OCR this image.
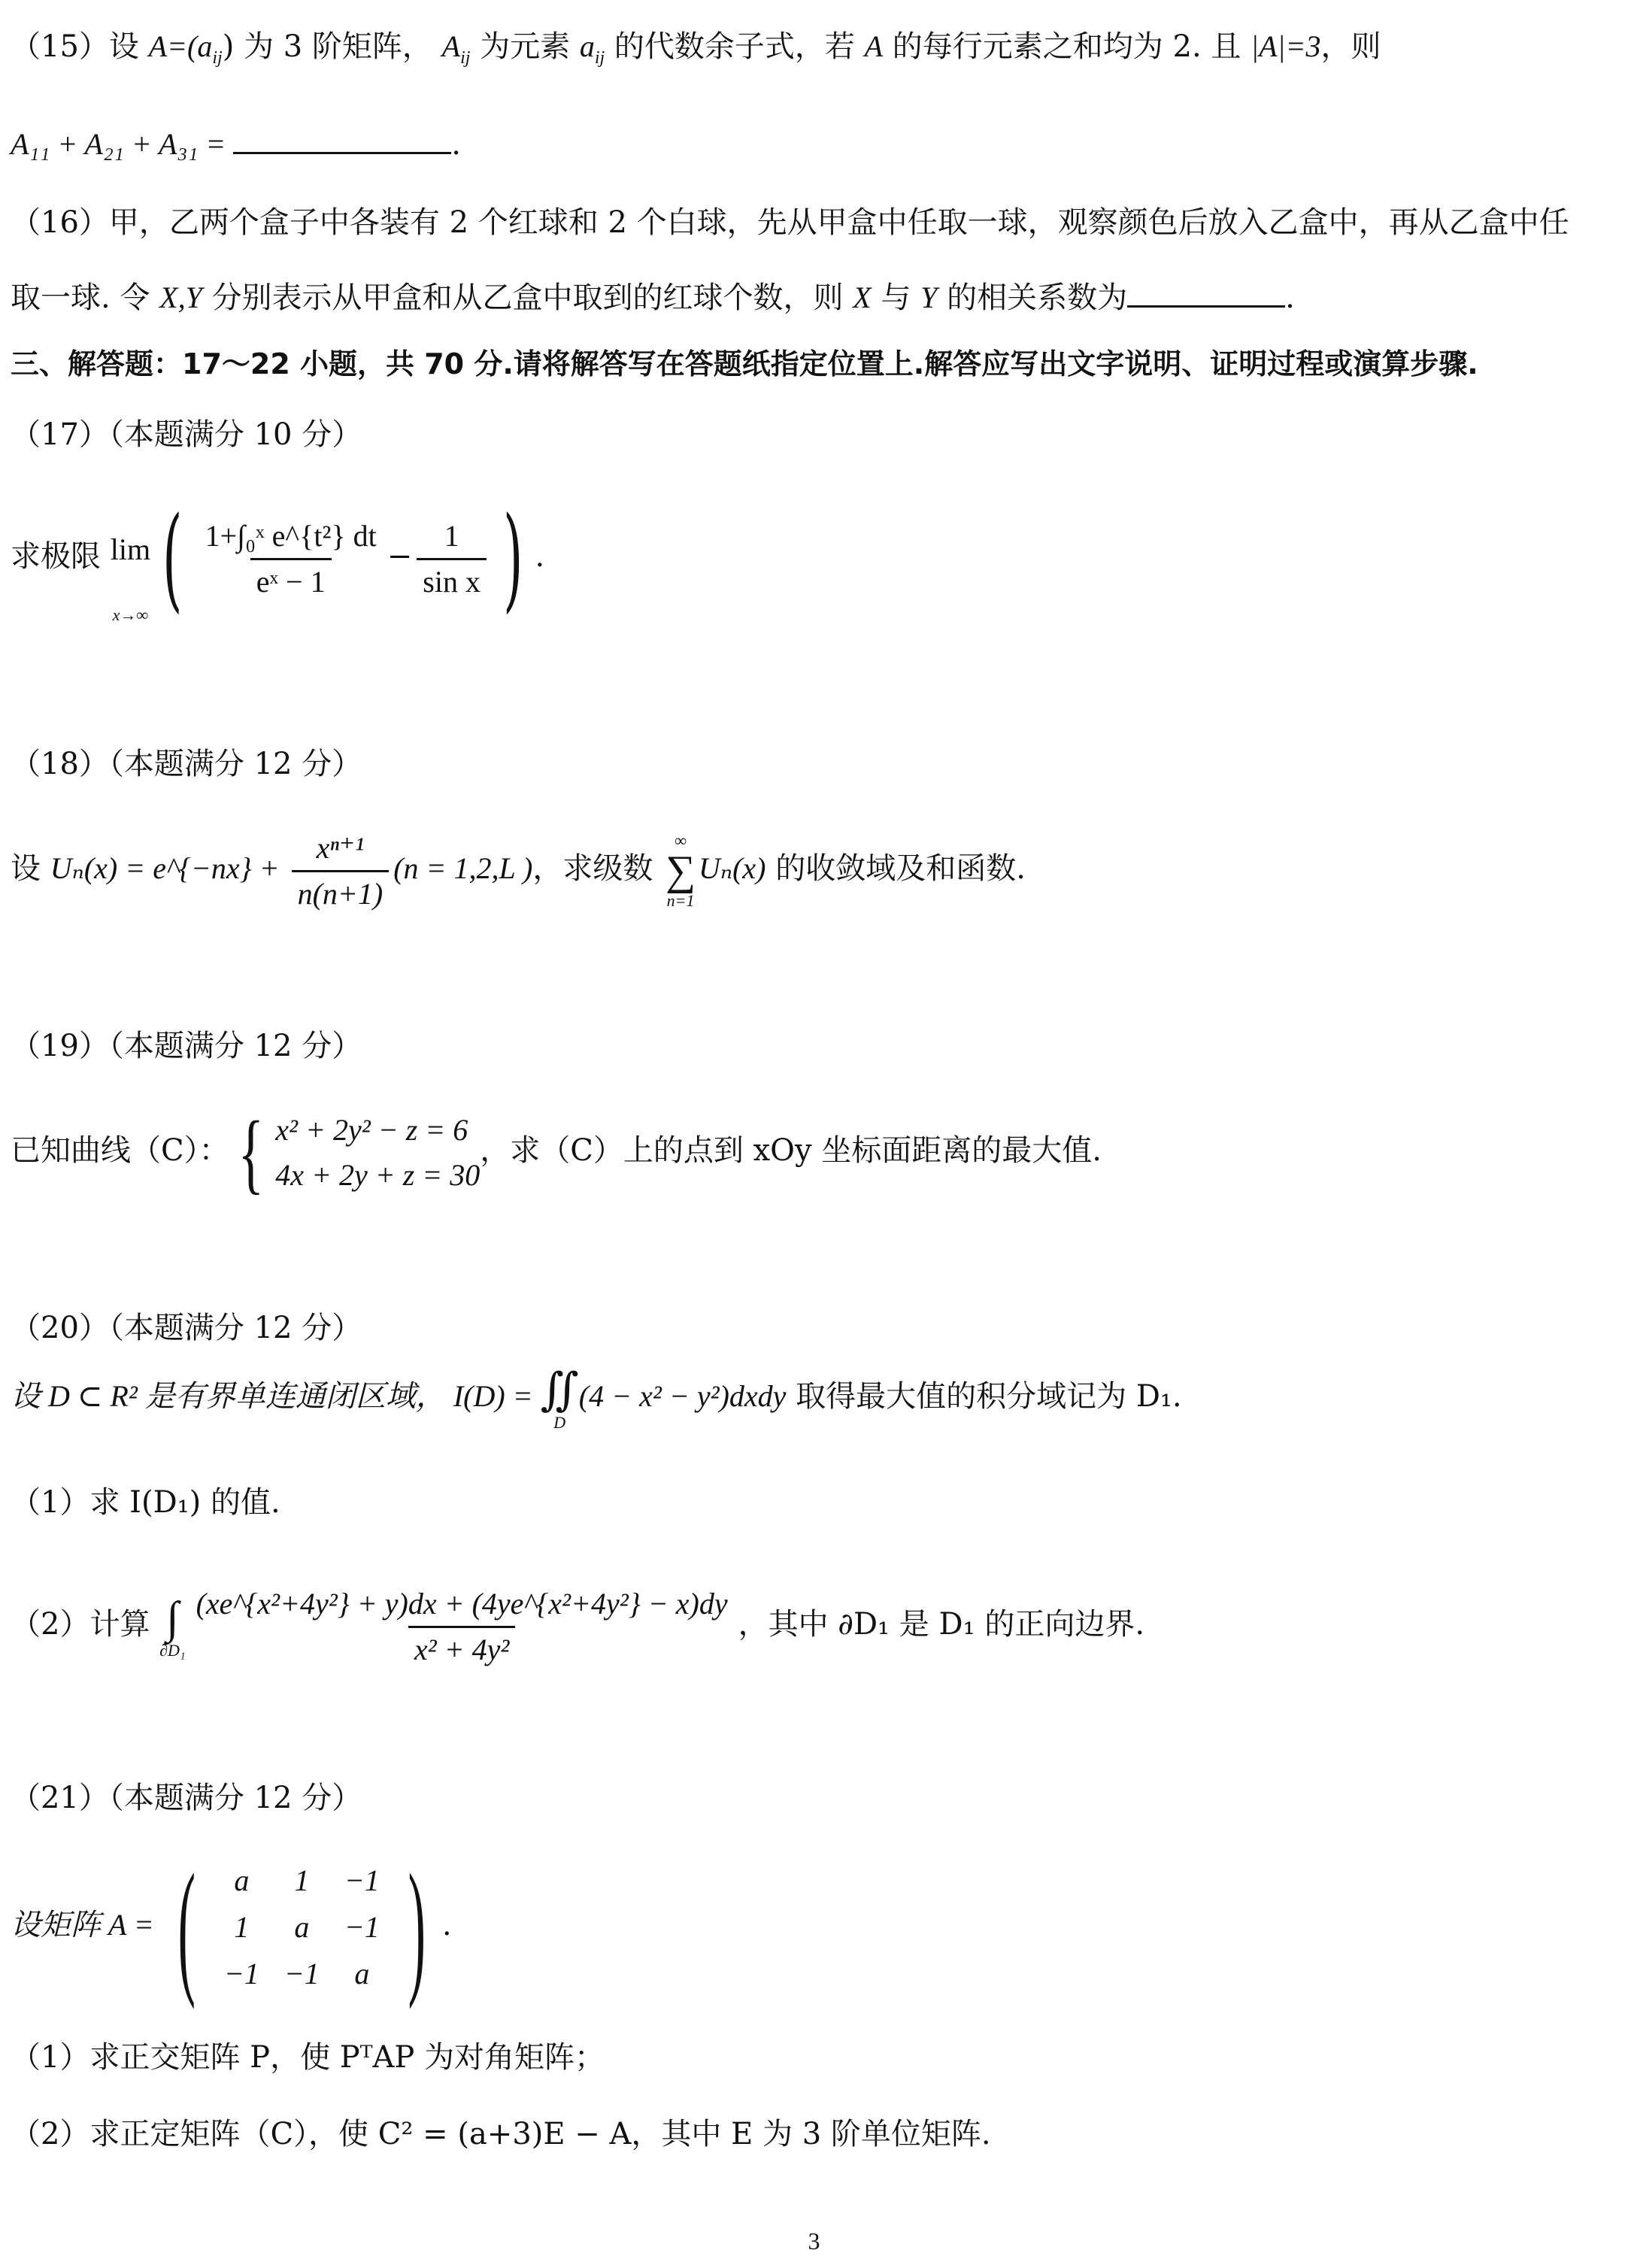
（15）设 $A=(a_{ij})$ 为 3 阶矩阵， $A_{ij}$ 为元素 $a_{ij}$ 的代数余子式，若 A 的每行元素之和均为 2. 且 |A|=3，则
A₁₁ + A₂₁ + A₃₁ =	.
（16）甲，乙两个盒子中各装有 2 个红球和 2 个白球，先从甲盒中任取一球，观察颜色后放入乙盒中，再从乙盒中任
取一球. 令 X,Y 分别表示从甲盒和从乙盒中取到的红球个数，则 X 与 Y 的相关系数为	.
三、解答题：17～22 小题，共 70 分.请将解答写在答题纸指定位置上.解答应写出文字说明、证明过程或演算步骤.
（17）（本题满分 10 分）
求极限 lim
x→∞ ( $\frac{\text{1+∫₀ˣ e\textasciicircum{}\{t²\} dt}}{\text{eˣ − 1}} - \frac{1}{\text{sin x}}$ ) .
（18）（本题满分 12 分）
设 Uₙ(x) = e^{−nx} + $\frac{\text{xⁿ⁺¹}}{n(n+1)} (n = 1,2,L$ )，求级数
∞
∑
n=1
Uₙ(x) 的收敛域及和函数.
（19）（本题满分 12 分）
已知曲线（C）： { x² + 2y² − z = 6
4x + 2y + z = 30
，求（C）上的点到 xOy 坐标面距离的最大值.
（20）（本题满分 12 分）
设 D ⊂ R² 是有界单连通闭区域， I(D) = ∬
D
(4 − x² − y²)dxdy 取得最大值的积分域记为 D₁.
（1）求 I(D₁) 的值.
（2）计算 ∫
$\partial D_1 \frac{\text{(xe\textasciicircum{}\{x²+4y²\} + y)dx + (4ye\textasciicircum{}\{x²+4y²\} − x)dy}}{\text{x² + 4y²}}$ ，其中 ∂D₁ 是 D₁ 的正向边界.
（21）（本题满分 12 分）
设矩阵 A = (	a	1	−1
1	a	−1
−1 −1	a ) .
（1）求正交矩阵 P，使 PᵀAP 为对角矩阵；
（2）求正定矩阵（C），使 C² = (a+3)E − A，其中 E 为 3 阶单位矩阵.
3
